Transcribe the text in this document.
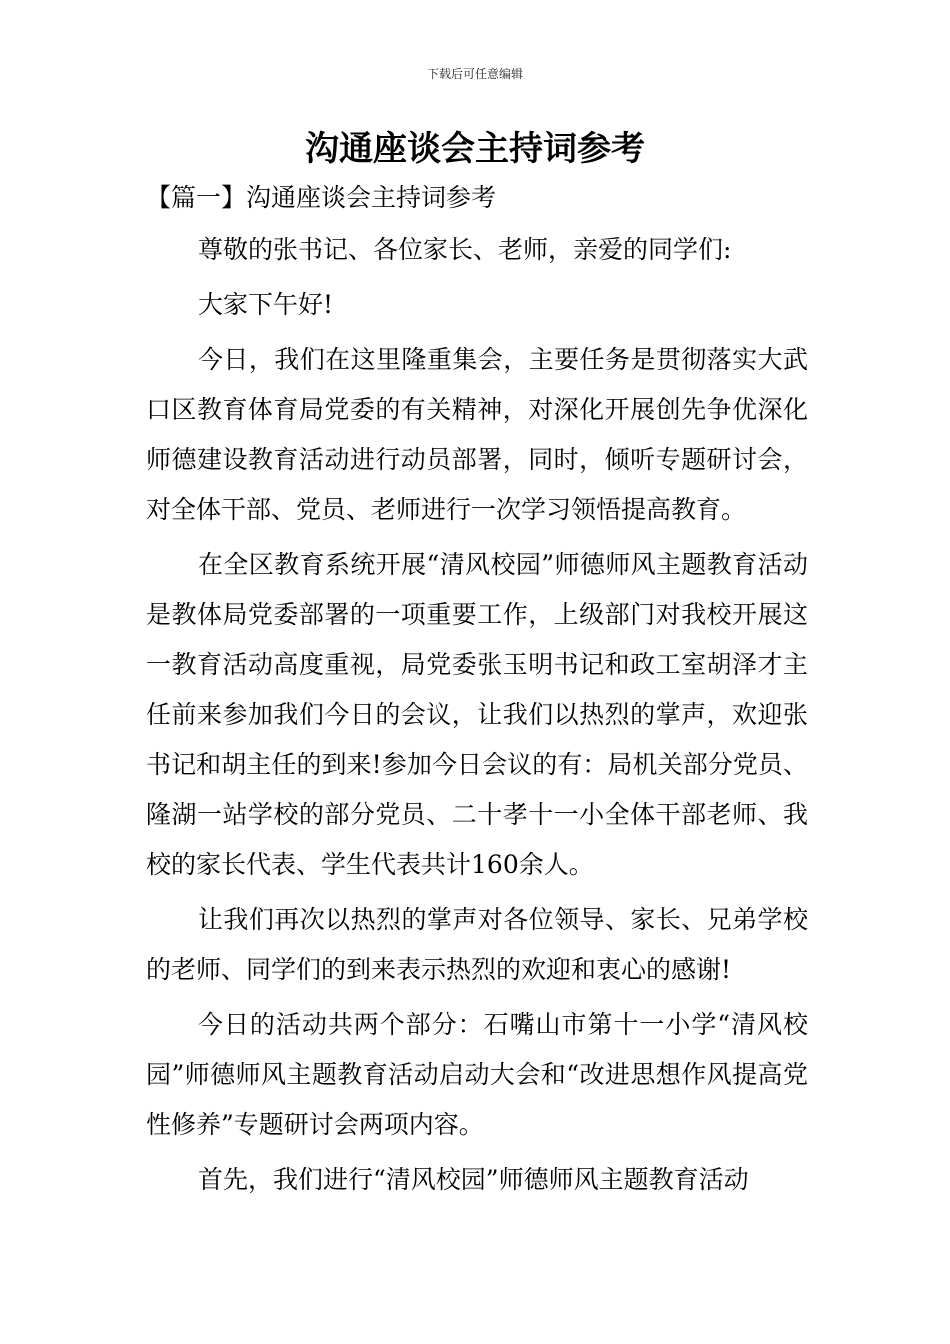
下载后可任意编辑
沟通座谈会主持词参考
【篇一】沟通座谈会主持词参考

尊敬的张书记、各位家长、老师，亲爱的同学们:

大家下午好!

今日，我们在这里隆重集会，主要任务是贯彻落实大武口区教育体育局党委的有关精神，对深化开展创先争优深化师德建设教育活动进行动员部署，同时，倾听专题研讨会，对全体干部、党员、老师进行一次学习领悟提高教育。

在全区教育系统开展“清风校园”师德师风主题教育活动是教体局党委部署的一项重要工作，上级部门对我校开展这一教育活动高度重视，局党委张玉明书记和政工室胡泽才主任前来参加我们今日的会议，让我们以热烈的掌声，欢迎张书记和胡主任的到来!参加今日会议的有：局机关部分党员、隆湖一站学校的部分党员、二十孝十一小全体干部老师、我校的家长代表、学生代表共计160余人。

让我们再次以热烈的掌声对各位领导、家长、兄弟学校的老师、同学们的到来表示热烈的欢迎和衷心的感谢!

今日的活动共两个部分：石嘴山市第十一小学“清风校园”师德师风主题教育活动启动大会和“改进思想作风提高党性修养”专题研讨会两项内容。

首先，我们进行“清风校园”师德师风主题教育活动
